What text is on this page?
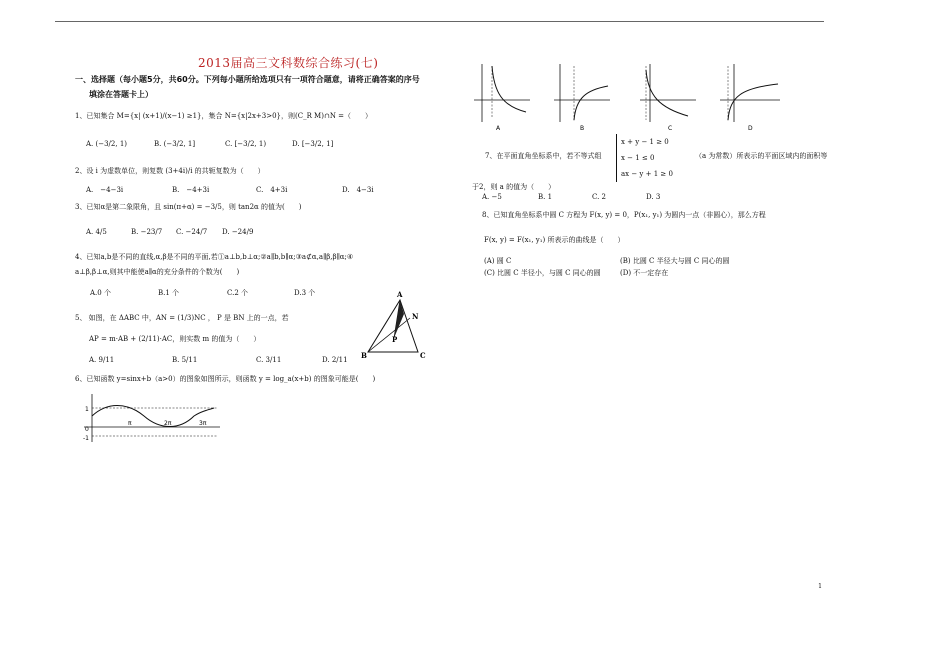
2013届高三文科数综合练习(七)
一、选择题（每小题5分，共60分。下列每小题所给选项只有一项符合题意，请将正确答案的序号
填涂在答题卡上）
1、已知集合 M={x| (x+1)/(x−1) ≥1}，集合 N={x|2x+3>0}，则(C_R M)∩N =（　　）
A. (−3/2, 1)	B. (−3/2, 1]	C. [−3/2, 1)	D. [−3/2, 1]
2、设 i 为虚数单位，则复数 (3+4i)/i 的共轭复数为（　　）
A.　−4−3i	B.　−4+3i	C.　4+3i	D.　4−3i
3、已知α是第二象限角，且 sin(π+α) = −3/5，则 tan2α 的值为(　　)
A. 4/5	B. −23/7 C. −24/7 D. −24/9
4、已知a,b是不同的直线,α,β是不同的平面,若①a⊥b,b⊥α;②a∥b,b∥α;③a⊄α,a∥β,β∥α;④
a⊥β,β⊥α,则其中能使a∥α的充分条件的个数为(　　)
A.0 个	B.1 个	C.2 个	D.3 个
5、 如图，在 ΔABC 中，AN = (1/3)NC ， P 是 BN 上的一点，若
AP = m·AB + (2/11)·AC，则实数 m 的值为（　　）
A. 9/11	B. 5/11	C. 3/11	D. 2/11
A
B	C
N
P
6、已知函数 y=sinx+b（a>0）的图象如图所示，则函数 y = log_a(x+b) 的图象可能是(　　)
1
0
-1
π	2π	3π
A	B	C	D
7、在平面直角坐标系中，若不等式组
x + y − 1 ≥ 0
x − 1 ≤ 0
ax − y + 1 ≥ 0
（a 为常数）所表示的平面区域内的面积等
于2，则 a 的值为（　　）
A. −5	B. 1	C. 2	D. 3
8、已知直角坐标系中圆 C 方程为 F(x, y) = 0，P(x₁, y₁) 为圆内一点（非圆心），那么方程
F(x, y) = F(x₁, y₁) 所表示的曲线是（　　）
(A) 圆 C	(B) 比圆 C 半径大与圆 C 同心的圆
(C) 比圆 C 半径小，与圆 C 同心的圆	(D) 不一定存在
1
